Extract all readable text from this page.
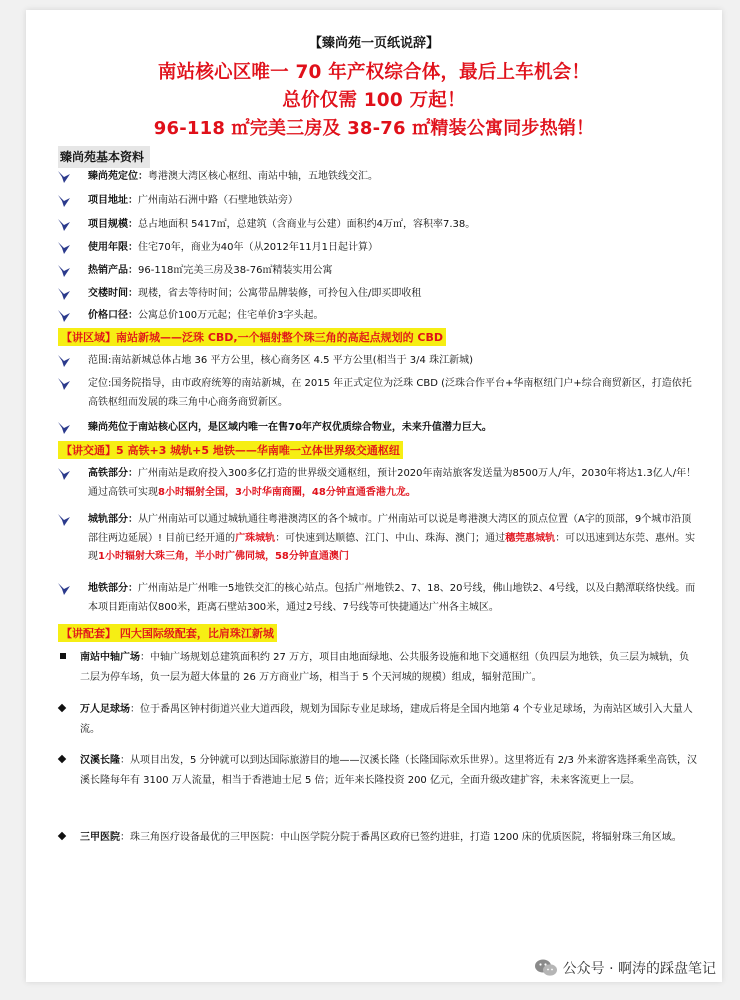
【臻尚苑一页纸说辞】
南站核心区唯一 70 年产权综合体，最后上车机会！
总价仅需 100 万起！
96-118 ㎡完美三房及 38-76 ㎡精装公寓同步热销！
臻尚苑基本资料
臻尚苑定位：粤港澳大湾区核心枢纽、南站中轴，五地铁线交汇。
项目地址：广州南站石洲中路（石壁地铁站旁）
项目规模：总占地面积 5417㎡，总建筑（含商业与公建）面积约4万㎡，容积率7.38。
使用年限：住宅70年，商业为40年（从2012年11月1日起计算）
热销产品：96-118㎡完美三房及38-76㎡精装实用公寓
交楼时间：现楼，省去等待时间；公寓带品牌装修，可拎包入住/即买即收租
价格口径：公寓总价100万元起；住宅单价3字头起。
【讲区域】南站新城——泛珠 CBD,一个辐射整个珠三角的高起点规划的 CBD
范围:南站新城总体占地 36 平方公里，核心商务区 4.5 平方公里(相当于 3/4 珠江新城)
定位:国务院指导，由市政府统筹的南站新城，在 2015 年正式定位为泛珠 CBD (泛珠合作平台+华南枢纽门户+综合商贸新区，打造依托高铁枢纽而发展的珠三角中心商务商贸新区。
臻尚苑位于南站核心区内，是区域内唯一在售70年产权优质综合物业，未来升值潜力巨大。
【讲交通】5 高铁+3 城轨+5 地铁——华南唯一立体世界级交通枢纽
高铁部分：广州南站是政府投入300多亿打造的世界级交通枢纽，预计2020年南站旅客发送量为8500万人/年，2030年将达1.3亿人/年！通过高铁可实现8小时辐射全国，3小时华南商圈，48分钟直通香港九龙。
城轨部分：从广州南站可以通过城轨通往粤港澳湾区的各个城市。广州南站可以说是粤港澳大湾区的顶点位置（A字的顶部，9个城市沿顶部往两边延展）! 目前已经开通的广珠城轨：可快速到达顺德、江门、中山、珠海、澳门；通过穗莞惠城轨：可以迅速到达东莞、惠州。实现1小时辐射大珠三角，半小时广佛同城，58分钟直通澳门
地铁部分：广州南站是广州唯一5地铁交汇的核心站点。包括广州地铁2、7、18、20号线，佛山地铁2、4号线，以及白鹅潭联络快线。而本项目距南站仅800米，距离石壁站300米，通过2号线、7号线等可快捷通达广州各主城区。
【讲配套】 四大国际级配套，比肩珠江新城
南站中轴广场：中轴广场规划总建筑面积约 27 万方，项目由地面绿地、公共服务设施和地下交通枢纽（负四层为地铁，负三层为城轨，负二层为停车场，负一层为超大体量的 26 万方商业广场，相当于 5 个天河城的规模）组成，辐射范围广。
万人足球场：位于番禺区钟村街道兴业大道西段，规划为国际专业足球场，建成后将是全国内地第 4 个专业足球场，为南站区域引入大量人流。
汉溪长隆：从项目出发，5 分钟就可以到达国际旅游目的地——汉溪长隆（长隆国际欢乐世界）。这里将近有 2/3 外来游客选择乘坐高铁，汉溪长隆每年有 3100 万人流量，相当于香港迪士尼 5 倍；近年来长隆投资 200 亿元，全面升级改建扩容，未来客流更上一层。
三甲医院：珠三角医疗设备最优的三甲医院：中山医学院分院于番禺区政府已签约进驻，打造 1200 床的优质医院，将辐射珠三角区域。
公众号 · 啊涛的踩盘笔记
